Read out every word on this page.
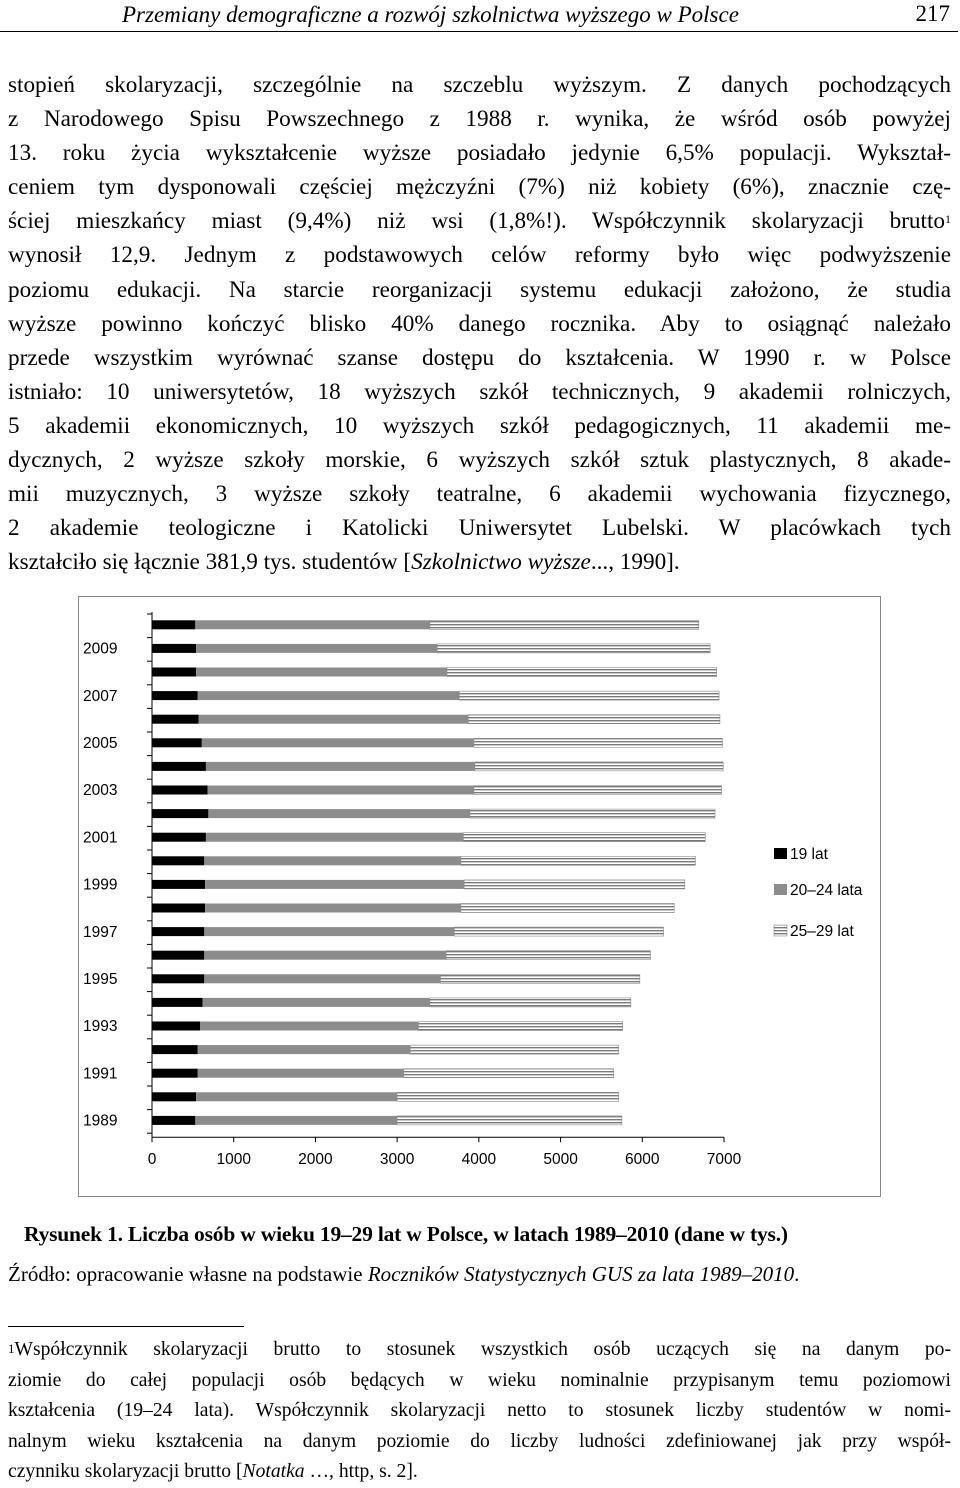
Przemiany demograficzne a rozwój szkolnictwa wyższego w Polsce	217
stopień skolaryzacji, szczególnie na szczeblu wyższym. Z danych pochodzących
z Narodowego Spisu Powszechnego z 1988 r. wynika, że wśród osób powyżej
13. roku życia wykształcenie wyższe posiadało jedynie 6,5% populacji. Wykształ-
ceniem tym dysponowali częściej mężczyźni (7%) niż kobiety (6%), znacznie czę-
ściej mieszkańcy miast (9,4%) niż wsi (1,8%!). Współczynnik skolaryzacji brutto$^1$
wynosił 12,9. Jednym z podstawowych celów reformy było więc podwyższenie
poziomu edukacji. Na starcie reorganizacji systemu edukacji założono, że studia
wyższe powinno kończyć blisko 40% danego rocznika. Aby to osiągnąć należało
przede wszystkim wyrównać szanse dostępu do kształcenia. W 1990 r. w Polsce
istniało: 10 uniwersytetów, 18 wyższych szkół technicznych, 9 akademii rolniczych,
5 akademii ekonomicznych, 10 wyższych szkół pedagogicznych, 11 akademii me-
dycznych, 2 wyższe szkoły morskie, 6 wyższych szkół sztuk plastycznych, 8 akade-
mii muzycznych, 3 wyższe szkoły teatralne, 6 akademii wychowania fizycznego,
2 akademie teologiczne i Katolicki Uniwersytet Lubelski. W placówkach tych
kształciło się łącznie 381,9 tys. studentów [Szkolnictwo wyższe..., 1990].
0	1000	2000	3000	4000	5000	6000	7000
2009
2007
2005
2003
2001
1999
1997
1995
1993
1991
1989
19 lat
20–24 lata
25–29 lat
Rysunek 1. Liczba osób w wieku 19–29 lat w Polsce, w latach 1989–2010 (dane w tys.)
Źródło: opracowanie własne na podstawie Roczników Statystycznych GUS za lata 1989–2010.
$^1$Współczynnik skolaryzacji brutto to stosunek wszystkich osób uczących się na danym po-
ziomie do całej populacji osób będących w wieku nominalnie przypisanym temu poziomowi
kształcenia (19–24 lata). Współczynnik skolaryzacji netto to stosunek liczby studentów w nomi-
nalnym wieku kształcenia na danym poziomie do liczby ludności zdefiniowanej jak przy współ-
czynniku skolaryzacji brutto [Notatka …, http, s. 2].
